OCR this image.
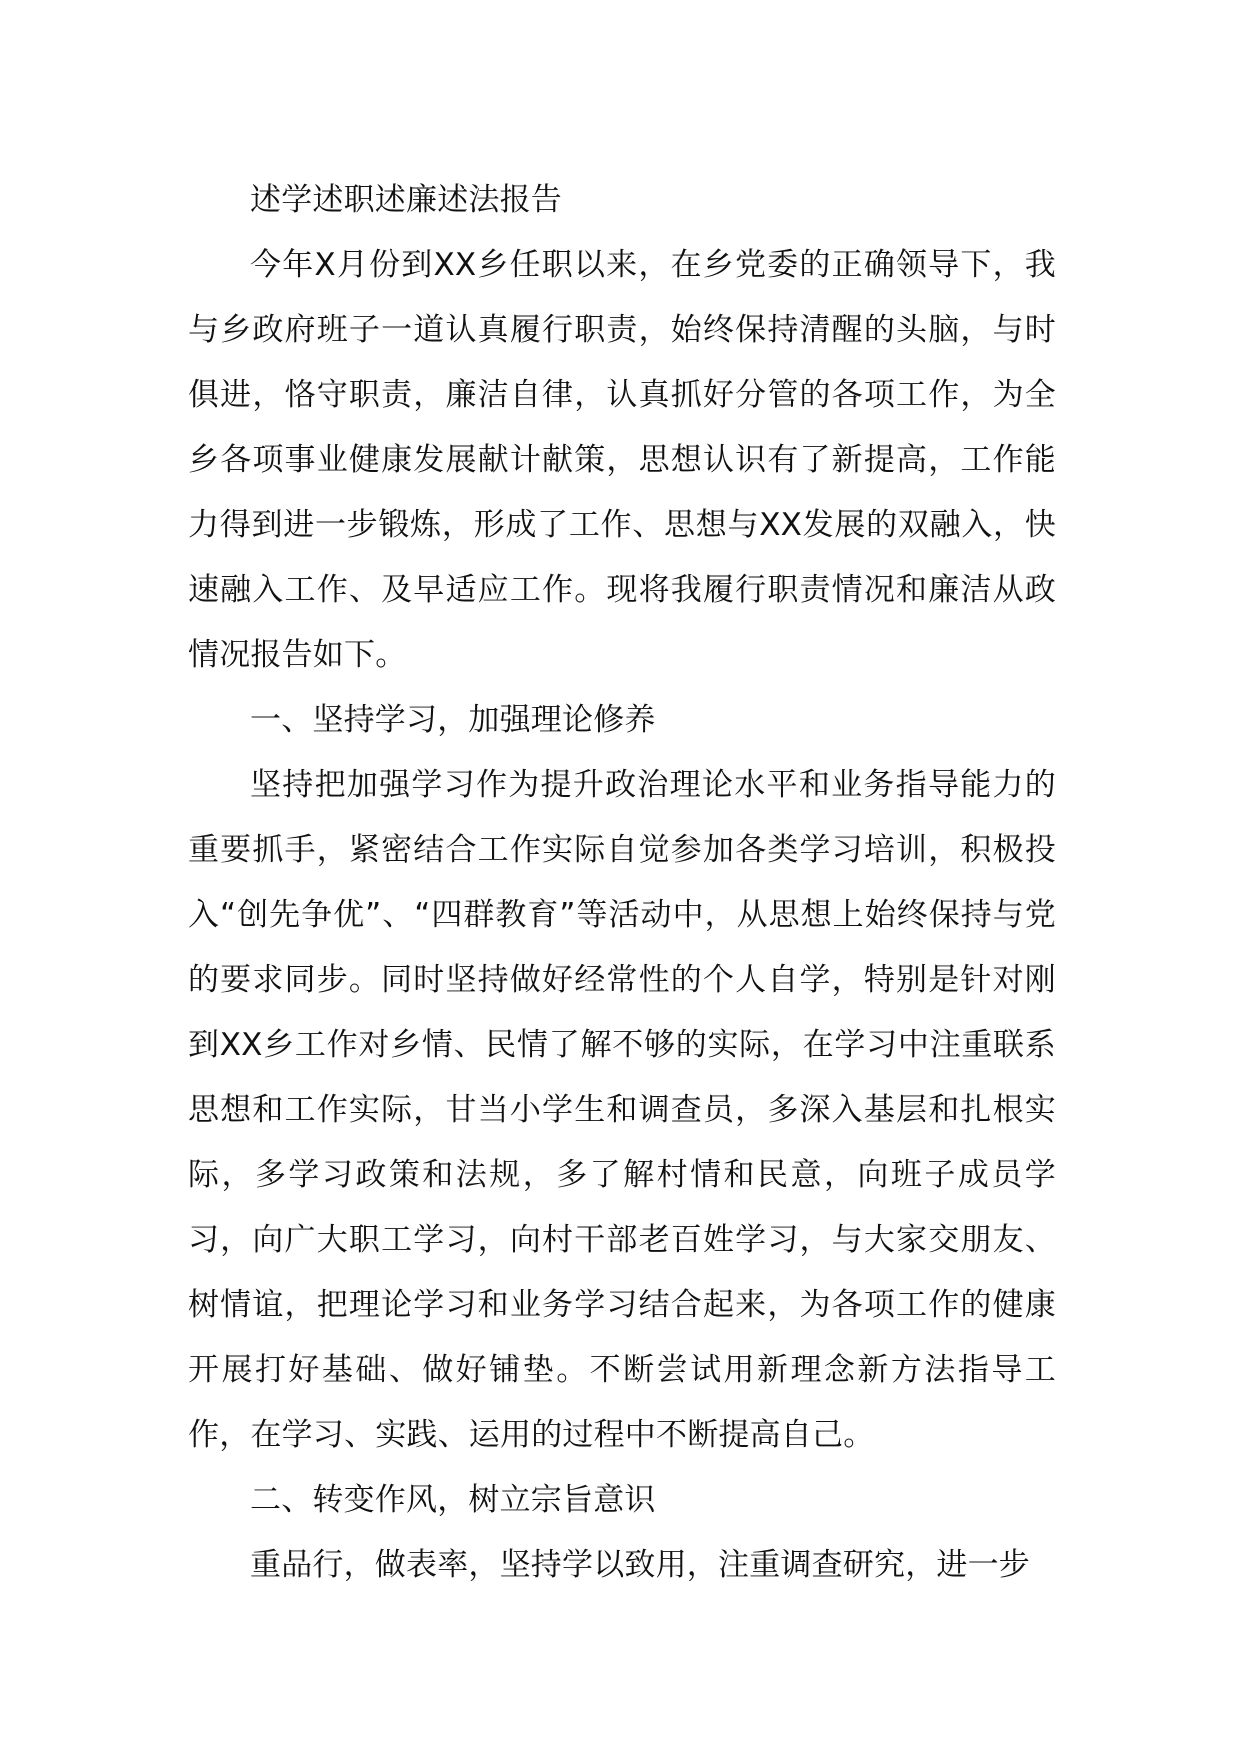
述学述职述廉述法报告

今年X月份到XX乡任职以来，在乡党委的正确领导下，我与乡政府班子一道认真履行职责，始终保持清醒的头脑，与时俱进，恪守职责，廉洁自律，认真抓好分管的各项工作，为全乡各项事业健康发展献计献策，思想认识有了新提高，工作能力得到进一步锻炼，形成了工作、思想与XX发展的双融入，快速融入工作、及早适应工作。现将我履行职责情况和廉洁从政情况报告如下。

一、坚持学习，加强理论修养

坚持把加强学习作为提升政治理论水平和业务指导能力的重要抓手，紧密结合工作实际自觉参加各类学习培训，积极投入“创先争优”、“四群教育”等活动中，从思想上始终保持与党的要求同步。同时坚持做好经常性的个人自学，特别是针对刚到XX乡工作对乡情、民情了解不够的实际，在学习中注重联系思想和工作实际，甘当小学生和调查员，多深入基层和扎根实际，多学习政策和法规，多了解村情和民意，向班子成员学习，向广大职工学习，向村干部老百姓学习，与大家交朋友、树情谊，把理论学习和业务学习结合起来，为各项工作的健康开展打好基础、做好铺垫。不断尝试用新理念新方法指导工作，在学习、实践、运用的过程中不断提高自己。

二、转变作风，树立宗旨意识

重品行，做表率，坚持学以致用，注重调查研究，进一步
